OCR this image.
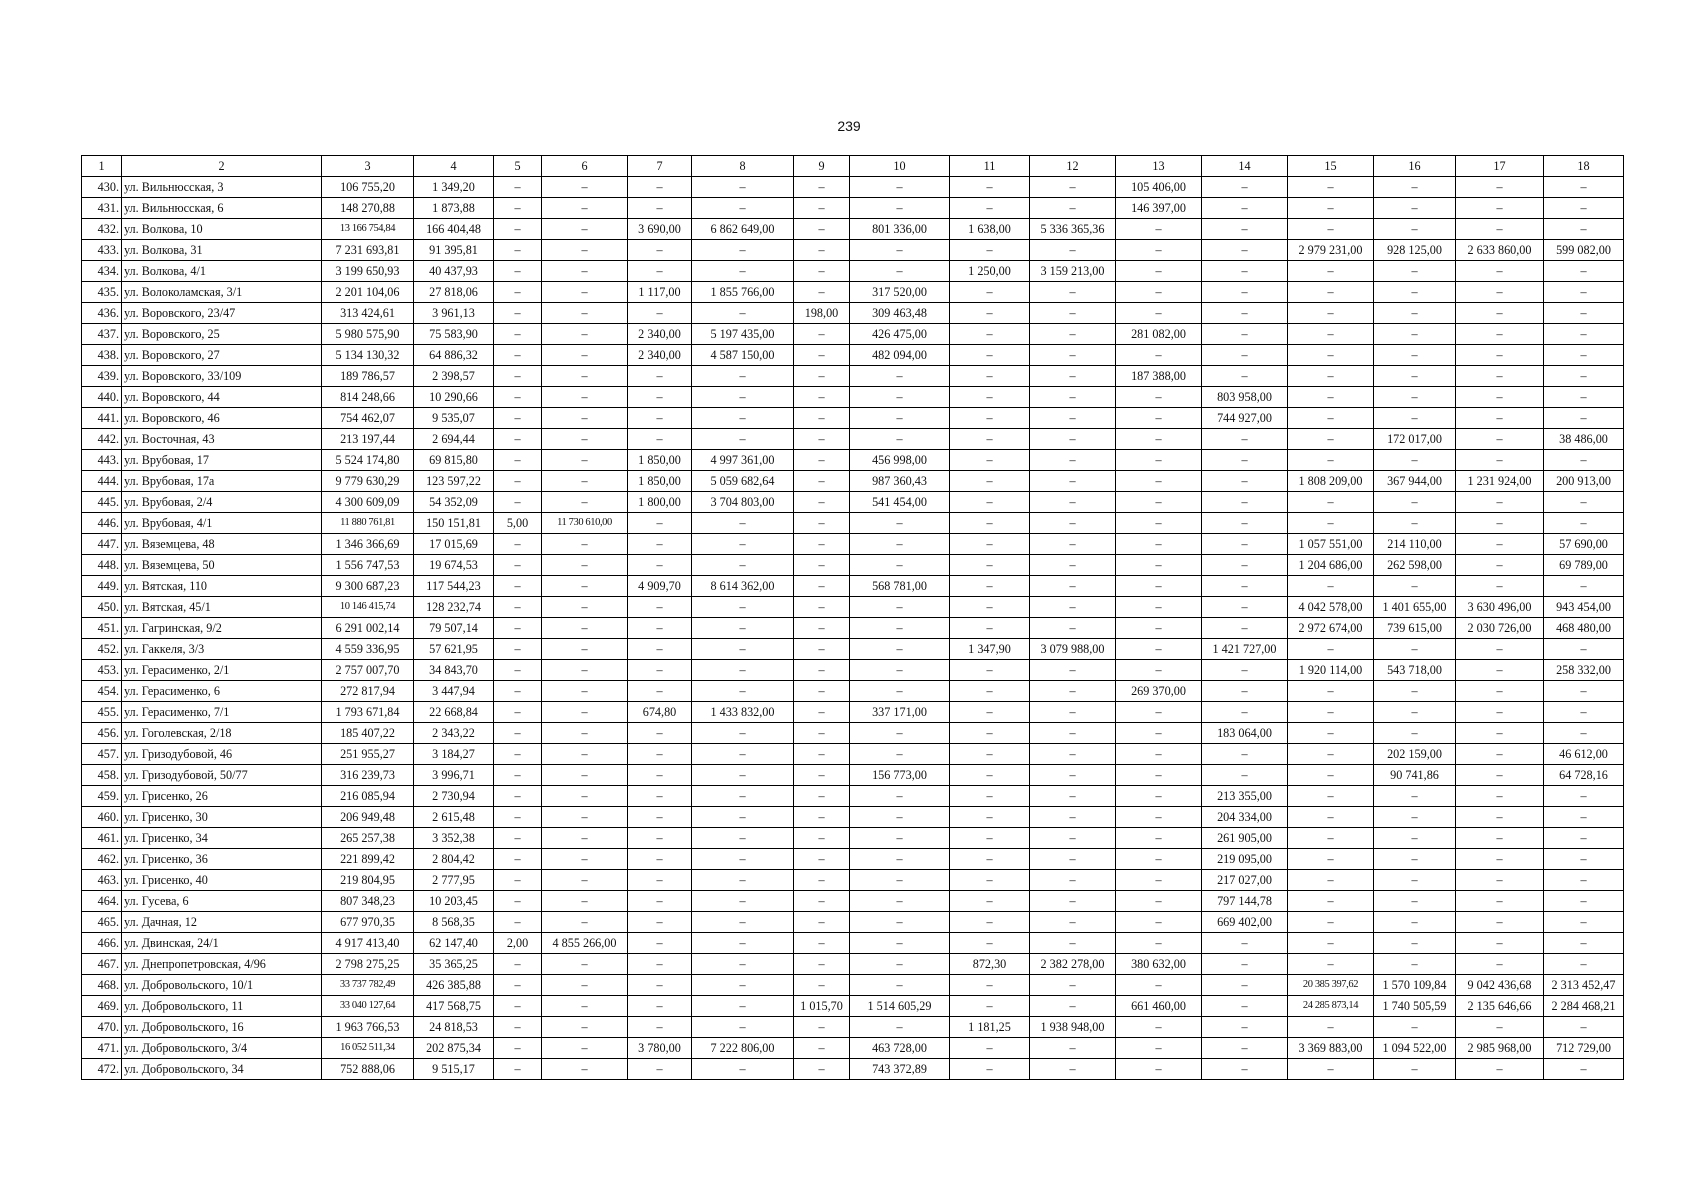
239
1	2	3	4	5	6	7	8	9	10	11	12	13	14	15	16	17	18
430.	ул. Вильнюсская, 3	106 755,20	1 349,20	–	–	–	–	–	–	–	–	105 406,00	–	–	–	–	–
431.	ул. Вильнюсская, 6	148 270,88	1 873,88	–	–	–	–	–	–	–	–	146 397,00	–	–	–	–	–
432.	ул. Волкова, 10	13 166 754,84	166 404,48	–	–	3 690,00	6 862 649,00	–	801 336,00	1 638,00	5 336 365,36	–	–	–	–	–	–
433.	ул. Волкова, 31	7 231 693,81	91 395,81	–	–	–	–	–	–	–	–	–	–	2 979 231,00	928 125,00	2 633 860,00	599 082,00
434.	ул. Волкова, 4/1	3 199 650,93	40 437,93	–	–	–	–	–	–	1 250,00	3 159 213,00	–	–	–	–	–	–
435.	ул. Волоколамская, 3/1	2 201 104,06	27 818,06	–	–	1 117,00	1 855 766,00	–	317 520,00	–	–	–	–	–	–	–	–
436.	ул. Воровского, 23/47	313 424,61	3 961,13	–	–	–	–	198,00	309 463,48	–	–	–	–	–	–	–	–
437.	ул. Воровского, 25	5 980 575,90	75 583,90	–	–	2 340,00	5 197 435,00	–	426 475,00	–	–	281 082,00	–	–	–	–	–
438.	ул. Воровского, 27	5 134 130,32	64 886,32	–	–	2 340,00	4 587 150,00	–	482 094,00	–	–	–	–	–	–	–	–
439.	ул. Воровского, 33/109	189 786,57	2 398,57	–	–	–	–	–	–	–	–	187 388,00	–	–	–	–	–
440.	ул. Воровского, 44	814 248,66	10 290,66	–	–	–	–	–	–	–	–	–	803 958,00	–	–	–	–
441.	ул. Воровского, 46	754 462,07	9 535,07	–	–	–	–	–	–	–	–	–	744 927,00	–	–	–	–
442.	ул. Восточная, 43	213 197,44	2 694,44	–	–	–	–	–	–	–	–	–	–	–	172 017,00	–	38 486,00
443.	ул. Врубовая, 17	5 524 174,80	69 815,80	–	–	1 850,00	4 997 361,00	–	456 998,00	–	–	–	–	–	–	–	–
444.	ул. Врубовая, 17а	9 779 630,29	123 597,22	–	–	1 850,00	5 059 682,64	–	987 360,43	–	–	–	–	1 808 209,00	367 944,00	1 231 924,00	200 913,00
445.	ул. Врубовая, 2/4	4 300 609,09	54 352,09	–	–	1 800,00	3 704 803,00	–	541 454,00	–	–	–	–	–	–	–	–
446.	ул. Врубовая, 4/1	11 880 761,81	150 151,81	5,00	11 730 610,00	–	–	–	–	–	–	–	–	–	–	–	–
447.	ул. Вяземцева, 48	1 346 366,69	17 015,69	–	–	–	–	–	–	–	–	–	–	1 057 551,00	214 110,00	–	57 690,00
448.	ул. Вяземцева, 50	1 556 747,53	19 674,53	–	–	–	–	–	–	–	–	–	–	1 204 686,00	262 598,00	–	69 789,00
449.	ул. Вятская, 110	9 300 687,23	117 544,23	–	–	4 909,70	8 614 362,00	–	568 781,00	–	–	–	–	–	–	–	–
450.	ул. Вятская, 45/1	10 146 415,74	128 232,74	–	–	–	–	–	–	–	–	–	–	4 042 578,00	1 401 655,00	3 630 496,00	943 454,00
451.	ул. Гагринская, 9/2	6 291 002,14	79 507,14	–	–	–	–	–	–	–	–	–	–	2 972 674,00	739 615,00	2 030 726,00	468 480,00
452.	ул. Гаккеля, 3/3	4 559 336,95	57 621,95	–	–	–	–	–	–	1 347,90	3 079 988,00	–	1 421 727,00	–	–	–	–
453.	ул. Герасименко, 2/1	2 757 007,70	34 843,70	–	–	–	–	–	–	–	–	–	–	1 920 114,00	543 718,00	–	258 332,00
454.	ул. Герасименко, 6	272 817,94	3 447,94	–	–	–	–	–	–	–	–	269 370,00	–	–	–	–	–
455.	ул. Герасименко, 7/1	1 793 671,84	22 668,84	–	–	674,80	1 433 832,00	–	337 171,00	–	–	–	–	–	–	–	–
456.	ул. Гоголевская, 2/18	185 407,22	2 343,22	–	–	–	–	–	–	–	–	–	183 064,00	–	–	–	–
457.	ул. Гризодубовой, 46	251 955,27	3 184,27	–	–	–	–	–	–	–	–	–	–	–	202 159,00	–	46 612,00
458.	ул. Гризодубовой, 50/77	316 239,73	3 996,71	–	–	–	–	–	156 773,00	–	–	–	–	–	90 741,86	–	64 728,16
459.	ул. Грисенко, 26	216 085,94	2 730,94	–	–	–	–	–	–	–	–	–	213 355,00	–	–	–	–
460.	ул. Грисенко, 30	206 949,48	2 615,48	–	–	–	–	–	–	–	–	–	204 334,00	–	–	–	–
461.	ул. Грисенко, 34	265 257,38	3 352,38	–	–	–	–	–	–	–	–	–	261 905,00	–	–	–	–
462.	ул. Грисенко, 36	221 899,42	2 804,42	–	–	–	–	–	–	–	–	–	219 095,00	–	–	–	–
463.	ул. Грисенко, 40	219 804,95	2 777,95	–	–	–	–	–	–	–	–	–	217 027,00	–	–	–	–
464.	ул. Гусева, 6	807 348,23	10 203,45	–	–	–	–	–	–	–	–	–	797 144,78	–	–	–	–
465.	ул. Дачная, 12	677 970,35	8 568,35	–	–	–	–	–	–	–	–	–	669 402,00	–	–	–	–
466.	ул. Двинская, 24/1	4 917 413,40	62 147,40	2,00	4 855 266,00	–	–	–	–	–	–	–	–	–	–	–	–
467.	ул. Днепропетровская, 4/96	2 798 275,25	35 365,25	–	–	–	–	–	–	872,30	2 382 278,00	380 632,00	–	–	–	–	–
468.	ул. Добровольского, 10/1	33 737 782,49	426 385,88	–	–	–	–	–	–	–	–	–	–	20 385 397,62	1 570 109,84	9 042 436,68	2 313 452,47
469.	ул. Добровольского, 11	33 040 127,64	417 568,75	–	–	–	–	1 015,70	1 514 605,29	–	–	661 460,00	–	24 285 873,14	1 740 505,59	2 135 646,66	2 284 468,21
470.	ул. Добровольского, 16	1 963 766,53	24 818,53	–	–	–	–	–	–	1 181,25	1 938 948,00	–	–	–	–	–	–
471.	ул. Добровольского, 3/4	16 052 511,34	202 875,34	–	–	3 780,00	7 222 806,00	–	463 728,00	–	–	–	–	3 369 883,00	1 094 522,00	2 985 968,00	712 729,00
472.	ул. Добровольского, 34	752 888,06	9 515,17	–	–	–	–	–	743 372,89	–	–	–	–	–	–	–	–
